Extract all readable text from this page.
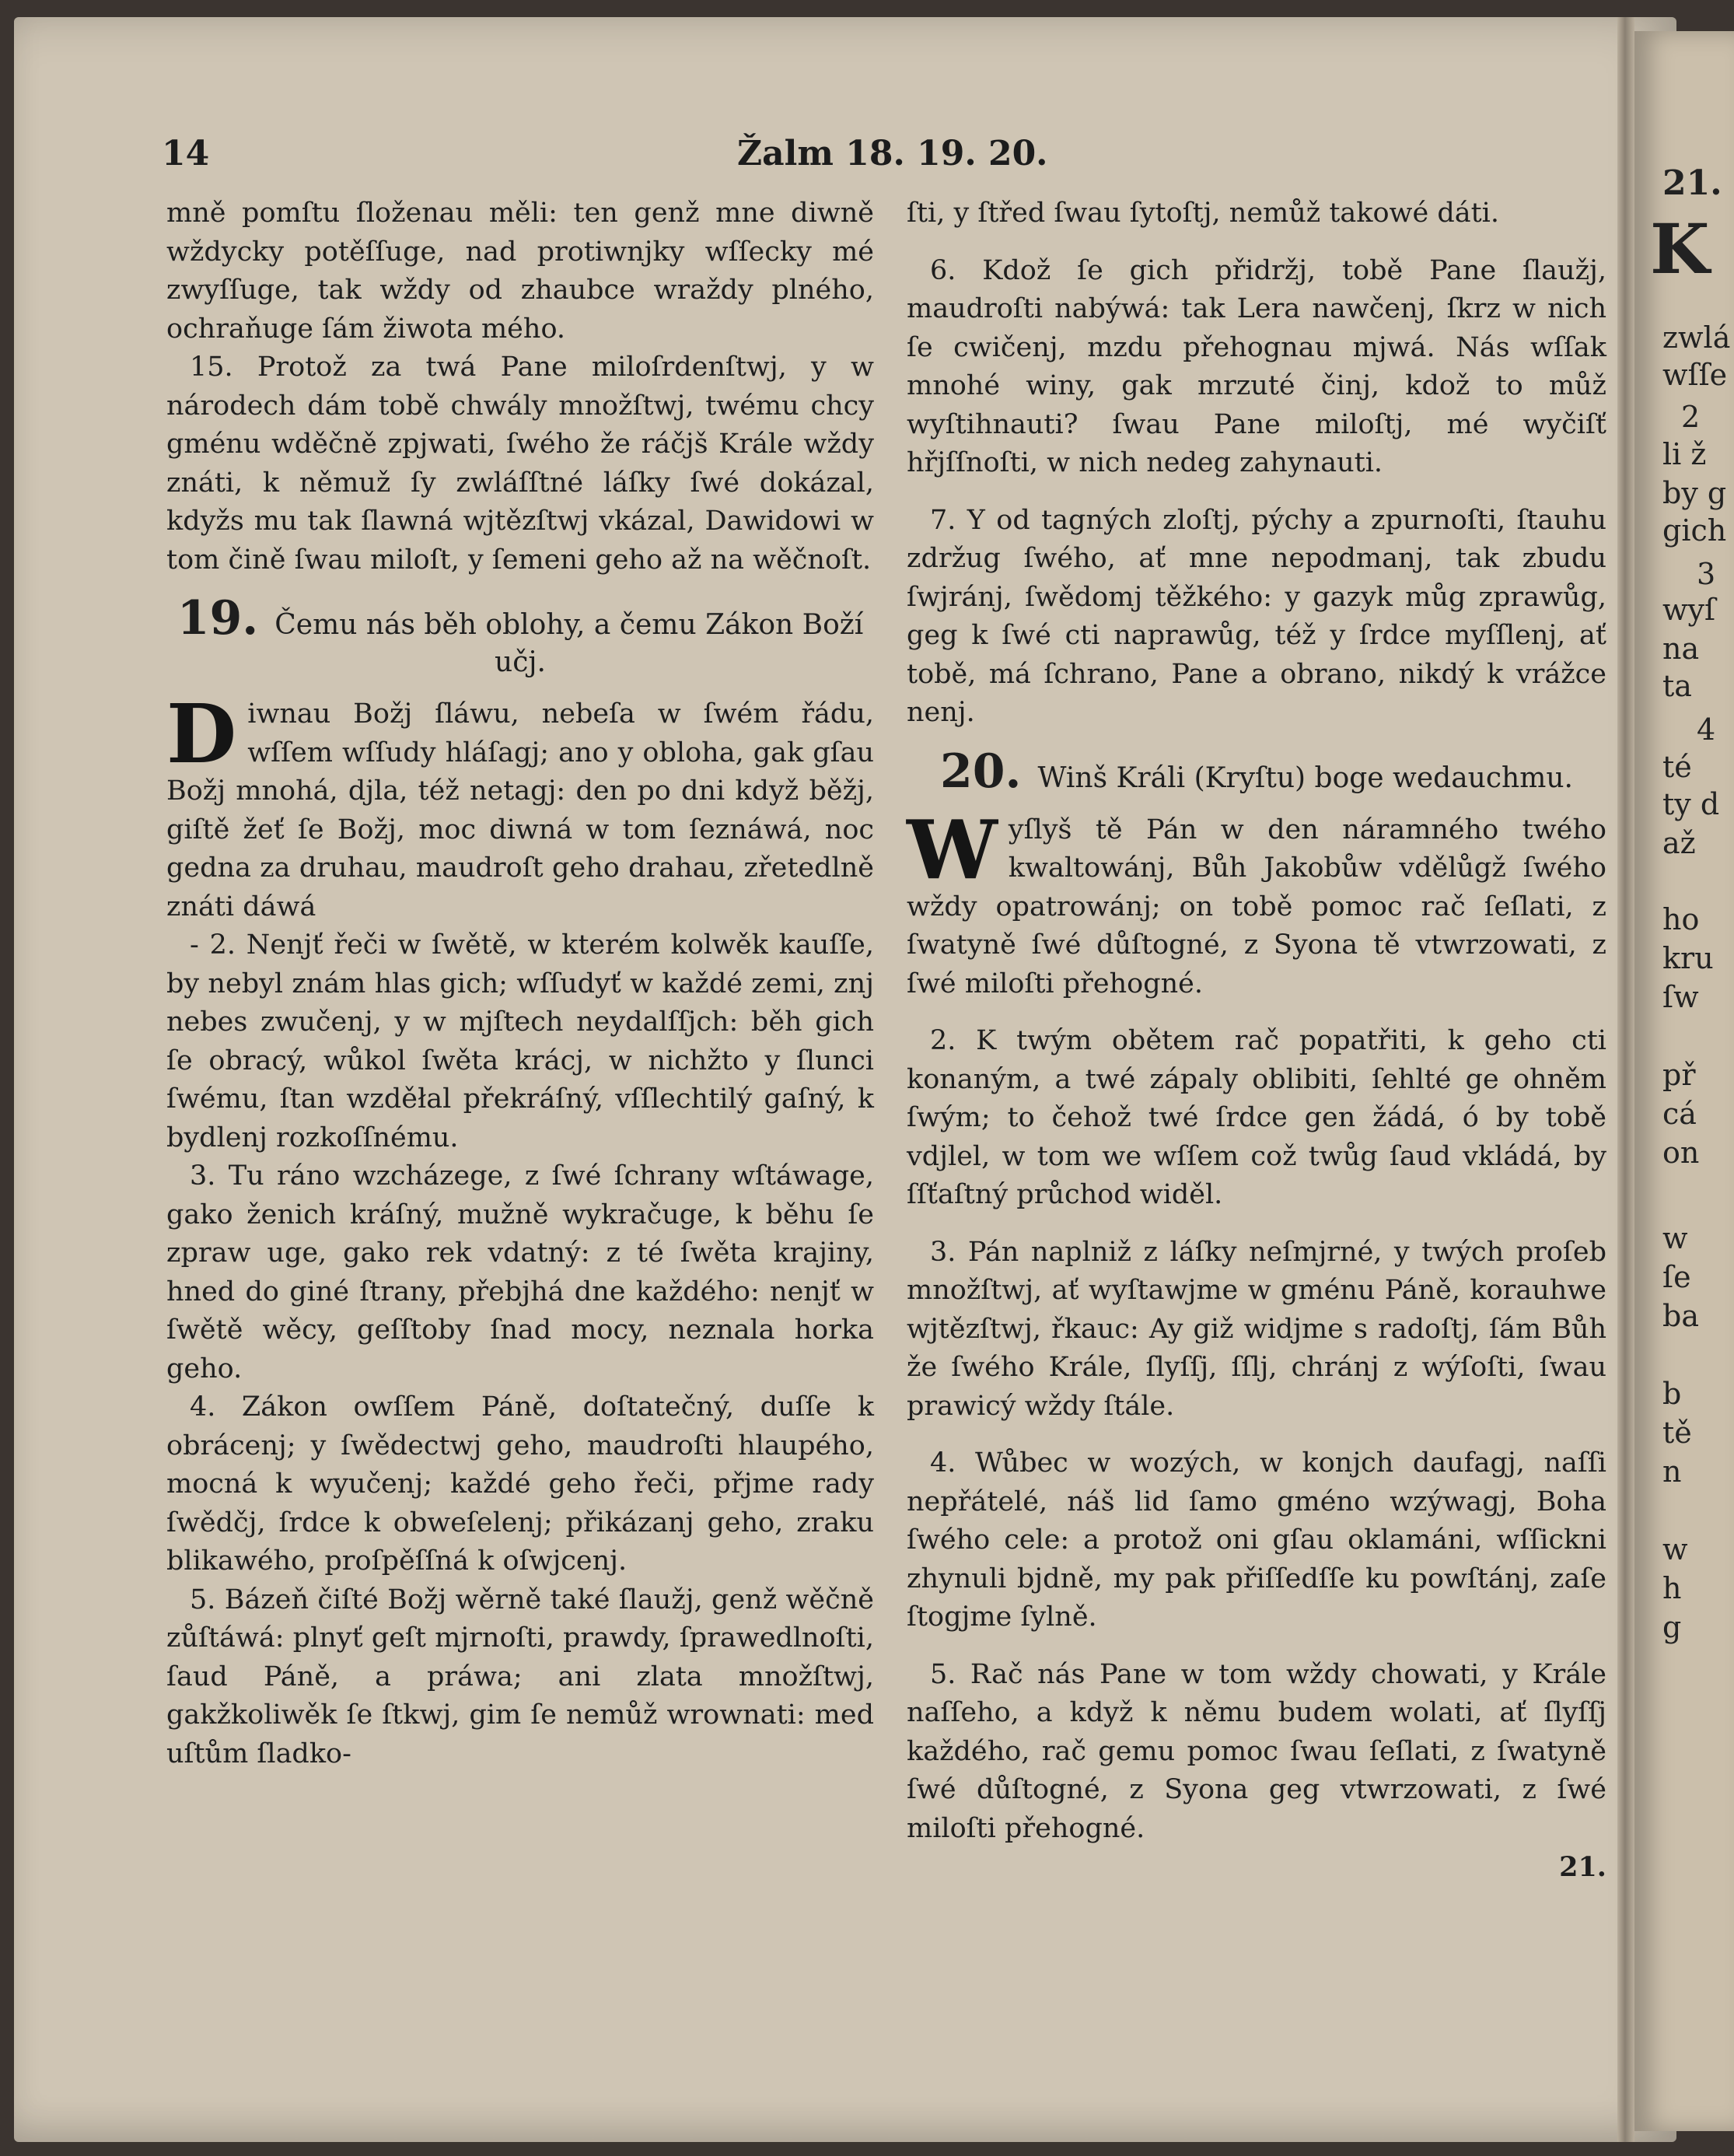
14	Žalm 18. 19. 20.

mně pomſtu ſloženau měli: ten genž mne diwně wždycky potěſſuge, nad protiwnjky wſſecky mé zwyſſuge, tak wždy od zhaubce wraždy plného, ochraňuge ſám žiwota mého.

15. Protož za twá Pane miloſrdenſtwj, y w národech dám tobě chwály množſtwj, twému chcy gménu wděčně zpjwati, ſwého že ráčjš Krále wždy znáti, k němuž ſy zwláſſtné láſky ſwé dokázal, kdyžs mu tak ſlawná wjtězſtwj vkázal, Dawidowi w tom čině ſwau miloſt, y ſemeni geho až na wěčnoſt.

19. Čemu nás běh oblohy, a čemu Zákon Boží učj.

Diwnau Božj ſláwu, nebeſa w ſwém řádu, wſſem wſſudy hláſagj; ano y obloha, gak gſau Božj mnohá, djla, též netagj: den po dni když běžj, giſtě žeť ſe Božj, moc diwná w tom ſeznáwá, noc gedna za druhau, maudroſt geho drahau, zřetedlně znáti dáwá

- 2. Nenjť řeči w ſwětě, w kterém kolwěk kauſſe, by nebyl znám hlas gich; wſſudyť w každé zemi, znj nebes zwučenj, y w mjſtech neydalſſjch: běh gich ſe obracý, wůkol ſwěta krácj, w nichžto y ſlunci ſwému, ſtan wzděłal překráſný, vſſlechtilý gaſný, k bydlenj rozkoſſnému.

3. Tu ráno wzcházege, z ſwé ſchrany wſtáwage, gako ženich kráſný, mužně wykračuge, k běhu ſe zpraw uge, gako rek vdatný: z té ſwěta krajiny, hned do giné ſtrany, přebjhá dne každého: nenjť w ſwětě wěcy, geſſtoby ſnad mocy, neznala horka geho.

4. Zákon owſſem Páně, doſtatečný, duſſe k obrácenj; y ſwědectwj geho, maudroſti hlaupého, mocná k wyučenj; každé geho řeči, přjme rady ſwědčj, ſrdce k obweſelenj; přikázanj geho, zraku blikawého, proſpěſſná k oſwjcenj.

5. Bázeň čiſté Božj wěrně také ſlaužj, genž wěčně zůſtáwá: plnyť geſt mjrnoſti, prawdy, ſprawedlnoſti, ſaud Páně, a práwa; ani zlata množſtwj, gakžkoliwěk ſe ſtkwj, gim ſe nemůž wrownati: med uſtům ſladko-

ſti, y ſtřed ſwau ſytoſtj, nemůž takowé dáti.

6. Kdož ſe gich přidržj, tobě Pane ſlaužj, maudroſti nabýwá: tak Lera nawčenj, ſkrz w nich ſe cwičenj, mzdu přehognau mjwá. Nás wſſak mnohé winy, gak mrzuté činj, kdož to můž wyſtihnauti? ſwau Pane miloſtj, mé wyčiſť hřjſſnoſti, w nich nedeg zahynauti.

7. Y od tagných zloſtj, pýchy a zpurnoſti, ſtauhu zdržug ſwého, ať mne nepodmanj, tak zbudu ſwjránj, ſwědomj těžkého: y gazyk můg zprawůg, geg k ſwé cti naprawůg, též y ſrdce myſſlenj, ať tobě, má ſchrano, Pane a obrano, nikdý k vrážce nenj.

20. Winš Králi (Kryſtu) boge wedauchmu.

Wyſlyš tě Pán w den náramného twého kwaltowánj, Bůh Jakobůw vdělůgž ſwého wždy opatrowánj; on tobě pomoc rač ſeſlati, z ſwatyně ſwé důſtogné, z Syona tě vtwrzowati, z ſwé miloſti přehogné.

2. K twým obětem rač popatřiti, k geho cti konaným, a twé zápaly oblibiti, ſehlté ge ohněm ſwým; to čehož twé ſrdce gen žádá, ó by tobě vdjlel, w tom we wſſem což twůg ſaud vkládá, by ſſťaſtný průchod widěl.

3. Pán naplniž z láſky neſmjrné, y twých proſeb množſtwj, ať wyſtawjme w gménu Páně, korauhwe wjtězſtwj, řkauc: Ay giž widjme s radoſtj, ſám Bůh že ſwého Krále, ſlyſſj, ſſlj, chránj z wýſoſti, ſwau prawicý wždy ſtále.

4. Wůbec w wozých, w konjch daufagj, naſſi nepřátelé, náš lid ſamo gméno wzýwagj, Boha ſwého cele: a protož oni gſau oklamáni, wſſickni zhynuli bjdně, my pak přiſſedſſe ku powſtánj, zaſe ſtogjme ſylně.

5. Rač nás Pane w tom wždy chowati, y Krále naſſeho, a když k němu budem wolati, ať ſlyſſj každého, rač gemu pomoc ſwau ſeſlati, z ſwatyně ſwé důſtogné, z Syona geg vtwrzowati, z ſwé miloſti přehogné.

21.

21.
K
zwlá
wſſe
2
li ž
by g
gich
3
wyſ
na
ta
4
té
ty d
až
ho
kru
ſw
př
cá
on
w
ſe
ba
b
tě
n
w
h
g
